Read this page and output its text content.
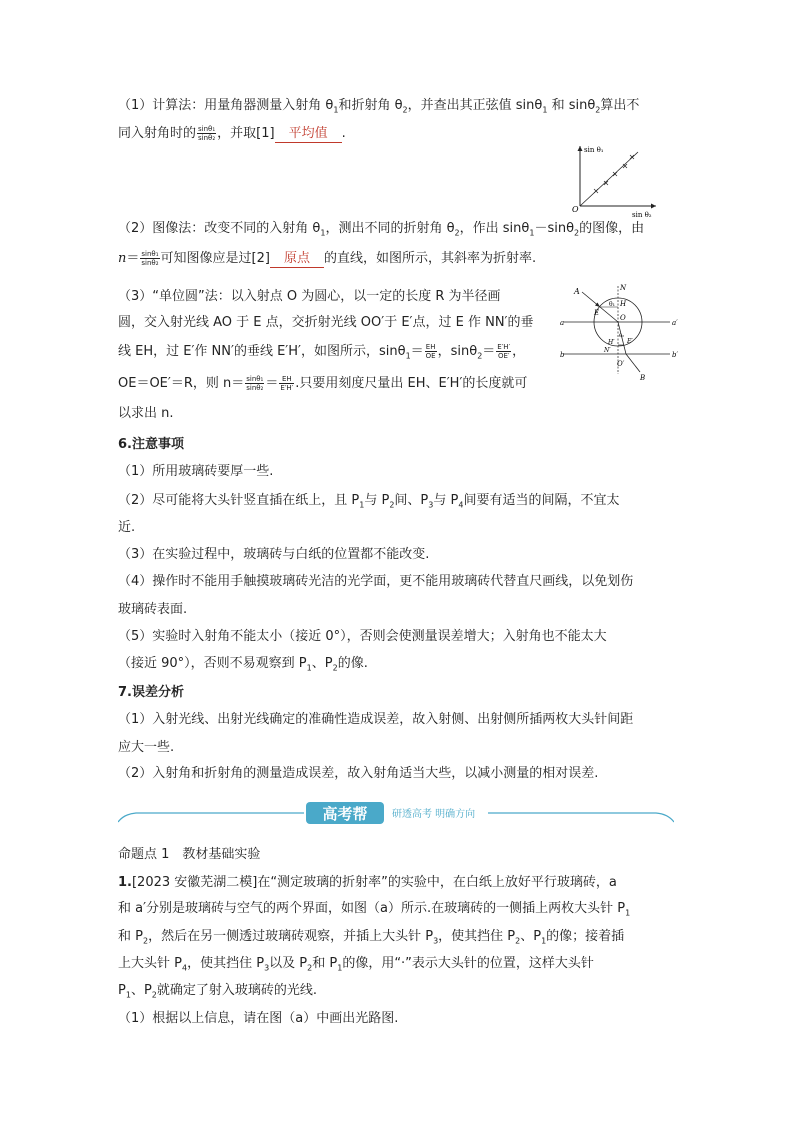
（1）计算法：用量角器测量入射角 $\theta_1$和折射角 $\theta_2$，并查出其正弦值 sinθ$_1$ 和 sinθ$_2$算出不
同入射角时的 $\frac{\text{sinθ₁}}{\text{sinθ₂}}$ ，并取[1] 平均值 .
sin θ₁
sin θ₂
O
（2）图像法：改变不同的入射角 $\theta_1$，测出不同的折射角 $\theta_2$，作出 sinθ$_1$－sinθ$_2$的图像，由
$n= \frac{\text{sinθ₁}}{\text{sinθ₂}}$ 可知图像应是过[2] 原点 的直线，如图所示，其斜率为折射率.
（3）“单位圆”法：以入射点 O 为圆心，以一定的长度 R 为半径画
圆，交入射光线 AO 于 E 点，交折射光线 OO′于 E′点，过 E 作 NN′的垂
线 EH，过 E′作 NN′的垂线 E′H′，如图所示，$\sin\theta_1= \frac{EH}{OE}$ ，$\sin\theta_2= \frac{E'H'}{OE'}$ ，
OE＝OE′＝R，则 $n= \frac{\text{sinθ₁}}{\text{sinθ₂}} = \frac{EH}{E'H'}$ .只要用刻度尺量出 EH、E′H′的长度就可
以求出 n.
A	N
θ₁ H
E
O
a	a′
b	b′
N′
H′ E′
θ₂
O′
B
6.注意事项
（1）所用玻璃砖要厚一些.
（2）尽可能将大头针竖直插在纸上，且 $P_1$与 $P_2$间、$P_3$与 $P_4$间要有适当的间隔，不宜太
近.
（3）在实验过程中，玻璃砖与白纸的位置都不能改变.
（4）操作时不能用手触摸玻璃砖光洁的光学面，更不能用玻璃砖代替直尺画线，以免划伤
玻璃砖表面.
（5）实验时入射角不能太小（接近 0°），否则会使测量误差增大；入射角也不能太大
（接近 90°），否则不易观察到 $P_1$、$P_2$的像.
7.误差分析
（1）入射光线、出射光线确定的准确性造成误差，故入射侧、出射侧所插两枚大头针间距
应大一些.
（2）入射角和折射角的测量造成误差，故入射角适当大些，以减小测量的相对误差.
高考帮 研透高考 明确方向
命题点 1　教材基础实验
1.[2023 安徽芜湖二模]在“测定玻璃的折射率”的实验中，在白纸上放好平行玻璃砖，a
和 a′分别是玻璃砖与空气的两个界面，如图（a）所示.在玻璃砖的一侧插上两枚大头针 $P_1$
和 $P_2$，然后在另一侧透过玻璃砖观察，并插上大头针 $P_3$，使其挡住 $P_2$、$P_1$的像；接着插
上大头针 $P_4$，使其挡住 $P_3$以及 $P_2$和 $P_1$的像，用“·”表示大头针的位置，这样大头针
$P_1$、$P_2$就确定了射入玻璃砖的光线.
（1）根据以上信息，请在图（a）中画出光路图.
